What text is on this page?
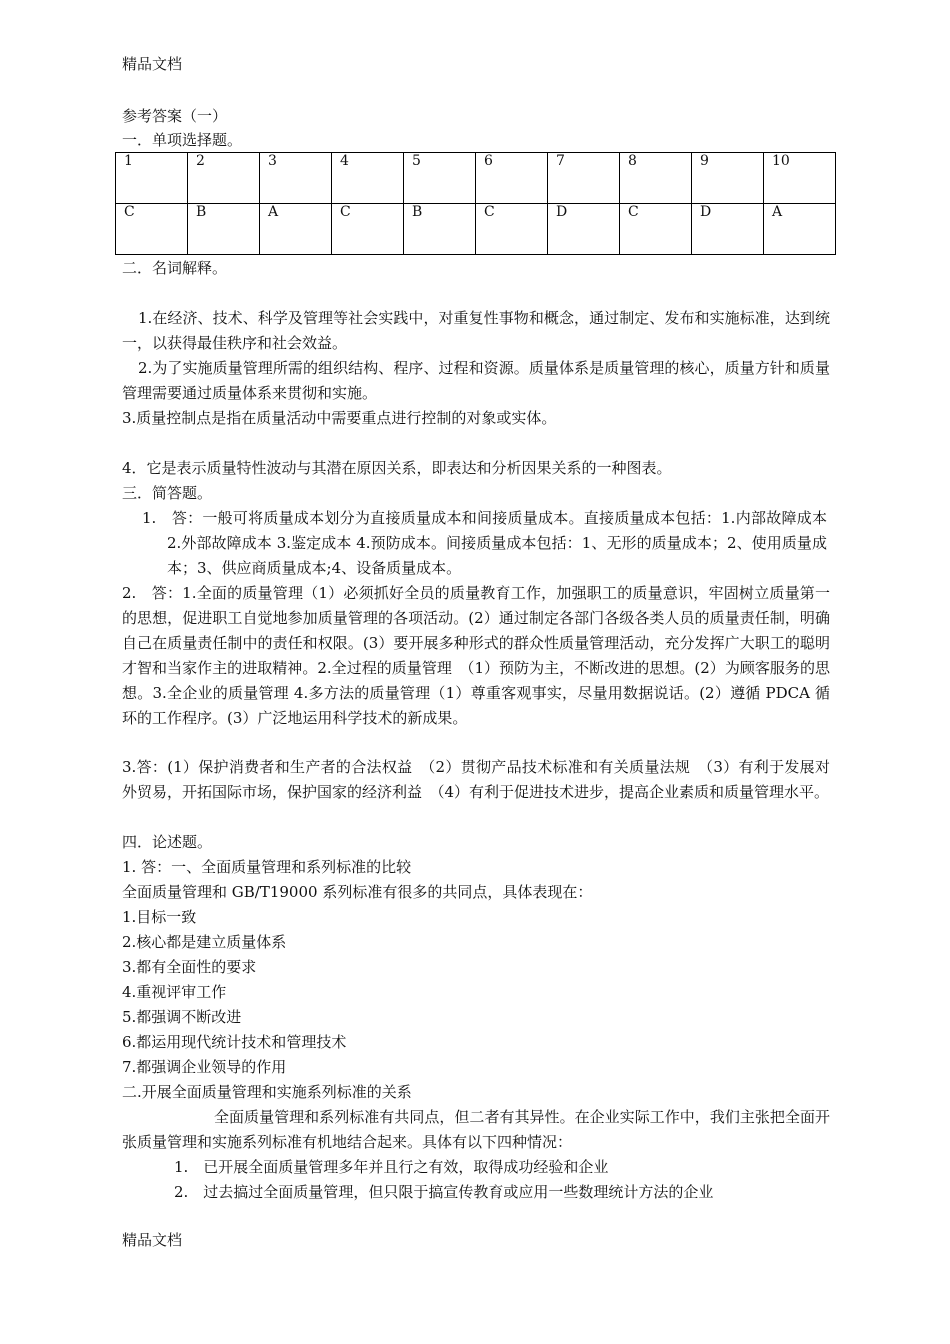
精品文档
参考答案（一）
一．单项选择题。
1	2	3	4	5	6	7	8	9	10

C	B	A	C	B	C	D	C	D	A
二．名词解释。
1.在经济、技术、科学及管理等社会实践中，对重复性事物和概念，通过制定、发布和实施标准，达到统一，以获得最佳秩序和社会效益。
2.为了实施质量管理所需的组织结构、程序、过程和资源。质量体系是质量管理的核心，质量方针和质量管理需要通过质量体系来贯彻和实施。
3.质量控制点是指在质量活动中需要重点进行控制的对象或实体。
4．它是表示质量特性波动与其潜在原因关系，即表达和分析因果关系的一种图表。
三．简答题。
1.　答：一般可将质量成本划分为直接质量成本和间接质量成本。直接质量成本包括：1.内部故障成本 2.外部故障成本 3.鉴定成本 4.预防成本。间接质量成本包括：1、无形的质量成本；2、使用质量成本；3、供应商质量成本;4、设备质量成本。
2.　答：1.全面的质量管理（1）必须抓好全员的质量教育工作，加强职工的质量意识，牢固树立质量第一的思想，促进职工自觉地参加质量管理的各项活动。(2）通过制定各部门各级各类人员的质量责任制，明确自己在质量责任制中的责任和权限。(3）要开展多种形式的群众性质量管理活动，充分发挥广大职工的聪明才智和当家作主的进取精神。2.全过程的质量管理　（1）预防为主，不断改进的思想。(2）为顾客服务的思想。3.全企业的质量管理 4.多方法的质量管理（1）尊重客观事实，尽量用数据说话。(2）遵循 PDCA 循环的工作程序。(3）广泛地运用科学技术的新成果。
3.答：(1）保护消费者和生产者的合法权益　（2）贯彻产品技术标准和有关质量法规　（3）有利于发展对外贸易，开拓国际市场，保护国家的经济利益　（4）有利于促进技术进步，提高企业素质和质量管理水平。
四．论述题。
1. 答：一、全面质量管理和系列标准的比较
全面质量管理和 GB/T19000 系列标准有很多的共同点，具体表现在：
1.目标一致
2.核心都是建立质量体系
3.都有全面性的要求
4.重视评审工作
5.都强调不断改进
6.都运用现代统计技术和管理技术
7.都强调企业领导的作用
二.开展全面质量管理和实施系列标准的关系
全面质量管理和系列标准有共同点，但二者有其异性。在企业实际工作中，我们主张把全面开张质量管理和实施系列标准有机地结合起来。具体有以下四种情况：
1.　已开展全面质量管理多年并且行之有效，取得成功经验和企业
2.　过去搞过全面质量管理，但只限于搞宣传教育或应用一些数理统计方法的企业
精品文档
